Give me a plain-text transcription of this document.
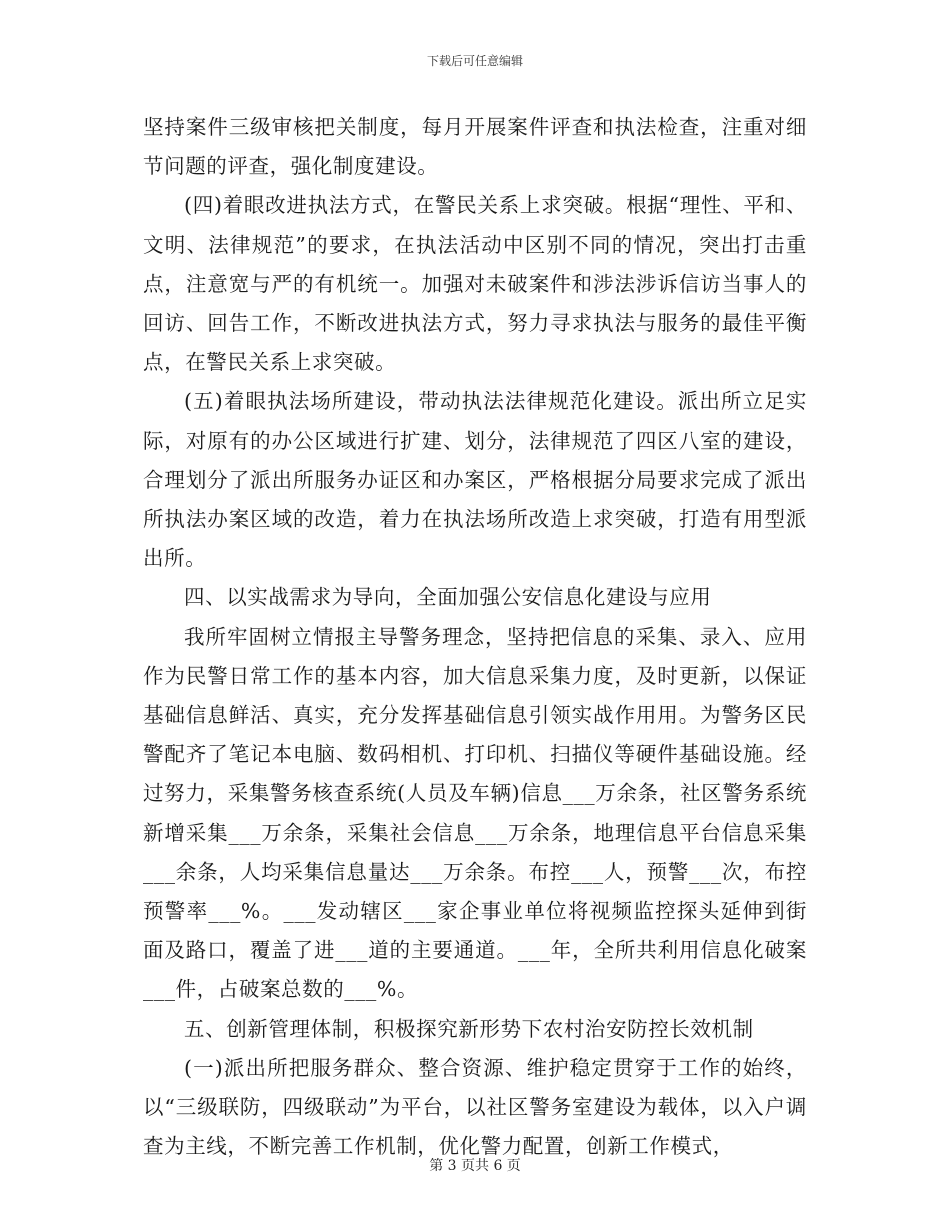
下载后可任意编辑

坚持案件三级审核把关制度，每月开展案件评查和执法检查，注重对细节问题的评查，强化制度建设。

(四)着眼改进执法方式，在警民关系上求突破。根据“理性、平和、文明、法律规范”的要求，在执法活动中区别不同的情况，突出打击重点，注意宽与严的有机统一。加强对未破案件和涉法涉诉信访当事人的回访、回告工作，不断改进执法方式，努力寻求执法与服务的最佳平衡点，在警民关系上求突破。

(五)着眼执法场所建设，带动执法法律规范化建设。派出所立足实际，对原有的办公区域进行扩建、划分，法律规范了四区八室的建设，合理划分了派出所服务办证区和办案区，严格根据分局要求完成了派出所执法办案区域的改造，着力在执法场所改造上求突破，打造有用型派出所。

四、以实战需求为导向，全面加强公安信息化建设与应用

我所牢固树立情报主导警务理念，坚持把信息的采集、录入、应用作为民警日常工作的基本内容，加大信息采集力度，及时更新，以保证基础信息鲜活、真实，充分发挥基础信息引领实战作用用。为警务区民警配齐了笔记本电脑、数码相机、打印机、扫描仪等硬件基础设施。经过努力，采集警务核查系统(人员及车辆)信息___万余条，社区警务系统新增采集___万余条，采集社会信息___万余条，地理信息平台信息采集___余条，人均采集信息量达___万余条。布控___人，预警___次，布控预警率___%。___发动辖区___家企事业单位将视频监控探头延伸到街面及路口，覆盖了进___道的主要通道。___年，全所共利用信息化破案___件，占破案总数的___%。

五、创新管理体制，积极探究新形势下农村治安防控长效机制

(一)派出所把服务群众、整合资源、维护稳定贯穿于工作的始终，以“三级联防，四级联动”为平台，以社区警务室建设为载体，以入户调查为主线，不断完善工作机制，优化警力配置，创新工作模式，

第 3 页共 6 页
